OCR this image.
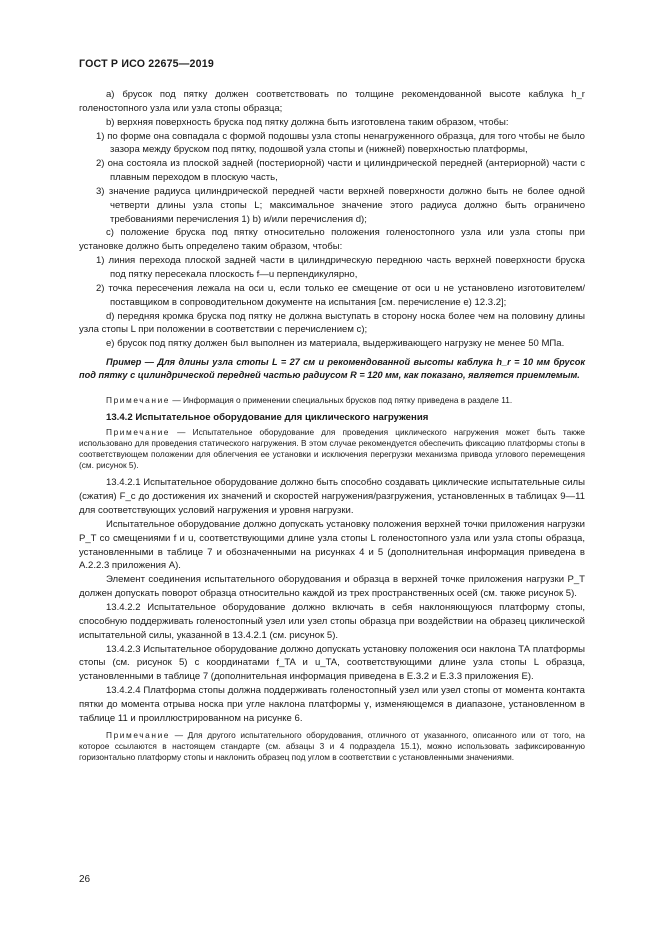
ГОСТ Р ИСО 22675—2019

а) брусок под пятку должен соответствовать по толщине рекомендованной высоте каблука h_r голеностопного узла или узла стопы образца;

b) верхняя поверхность бруска под пятку должна быть изготовлена таким образом, чтобы:

1) по форме она совпадала с формой подошвы узла стопы ненагруженного образца, для того чтобы не было зазора между бруском под пятку, подошвой узла стопы и (нижней) поверхностью платформы,

2) она состояла из плоской задней (постериорной) части и цилиндрической передней (антериорной) части с плавным переходом в плоскую часть,

3) значение радиуса цилиндрической передней части верхней поверхности должно быть не более одной четверти длины узла стопы L; максимальное значение этого радиуса должно быть ограничено требованиями перечисления 1) b) и/или перечисления d);

c) положение бруска под пятку относительно положения голеностопного узла или узла стопы при установке должно быть определено таким образом, чтобы:

1) линия перехода плоской задней части в цилиндрическую переднюю часть верхней поверхности бруска под пятку пересекала плоскость f—u перпендикулярно,

2) точка пересечения лежала на оси u, если только ее смещение от оси u не установлено изготовителем/поставщиком в сопроводительном документе на испытания [см. перечисление е) 12.3.2];

d) передняя кромка бруска под пятку не должна выступать в сторону носка более чем на половину длины узла стопы L при положении в соответствии с перечислением с);

е) брусок под пятку должен был выполнен из материала, выдерживающего нагрузку не менее 50 МПа.

Пример — Для длины узла стопы L = 27 см и рекомендованной высоты каблука h_r = 10 мм брусок под пятку с цилиндрической передней частью радиусом R = 120 мм, как показано, является приемлемым.

Примечание — Информация о применении специальных брусков под пятку приведена в разделе 11.

13.4.2 Испытательное оборудование для циклического нагружения

Примечание — Испытательное оборудование для проведения циклического нагружения может быть также использовано для проведения статического нагружения. В этом случае рекомендуется обеспечить фиксацию платформы стопы в соответствующем положении для облегчения ее установки и исключения перегрузки механизма привода углового перемещения (см. рисунок 5).

13.4.2.1 Испытательное оборудование должно быть способно создавать циклические испытательные силы (сжатия) F_c до достижения их значений и скоростей нагружения/разгружения, установленных в таблицах 9—11 для соответствующих условий нагружения и уровня нагрузки.

Испытательное оборудование должно допускать установку положения верхней точки приложения нагрузки P_T со смещениями f и u, соответствующими длине узла стопы L голеностопного узла или узла стопы образца, установленными в таблице 7 и обозначенными на рисунках 4 и 5 (дополнительная информация приведена в А.2.2.3 приложения А).

Элемент соединения испытательного оборудования и образца в верхней точке приложения нагрузки P_T должен допускать поворот образца относительно каждой из трех пространственных осей (см. также рисунок 5).

13.4.2.2 Испытательное оборудование должно включать в себя наклоняющуюся платформу стопы, способную поддерживать голеностопный узел или узел стопы образца при воздействии на образец циклической испытательной силы, указанной в 13.4.2.1 (см. рисунок 5).

13.4.2.3 Испытательное оборудование должно допускать установку положения оси наклона ТА платформы стопы (см. рисунок 5) с координатами f_TA и u_TA, соответствующими длине узла стопы L образца, установленными в таблице 7 (дополнительная информация приведена в Е.3.2 и Е.3.3 приложения Е).

13.4.2.4 Платформа стопы должна поддерживать голеностопный узел или узел стопы от момента контакта пятки до момента отрыва носка при угле наклона платформы γ, изменяющемся в диапазоне, установленном в таблице 11 и проиллюстрированном на рисунке 6.

Примечание — Для другого испытательного оборудования, отличного от указанного, описанного или от того, на которое ссылаются в настоящем стандарте (см. абзацы 3 и 4 подраздела 15.1), можно использовать зафиксированную горизонтально платформу стопы и наклонить образец под углом в соответствии с установленными значениями.

26
